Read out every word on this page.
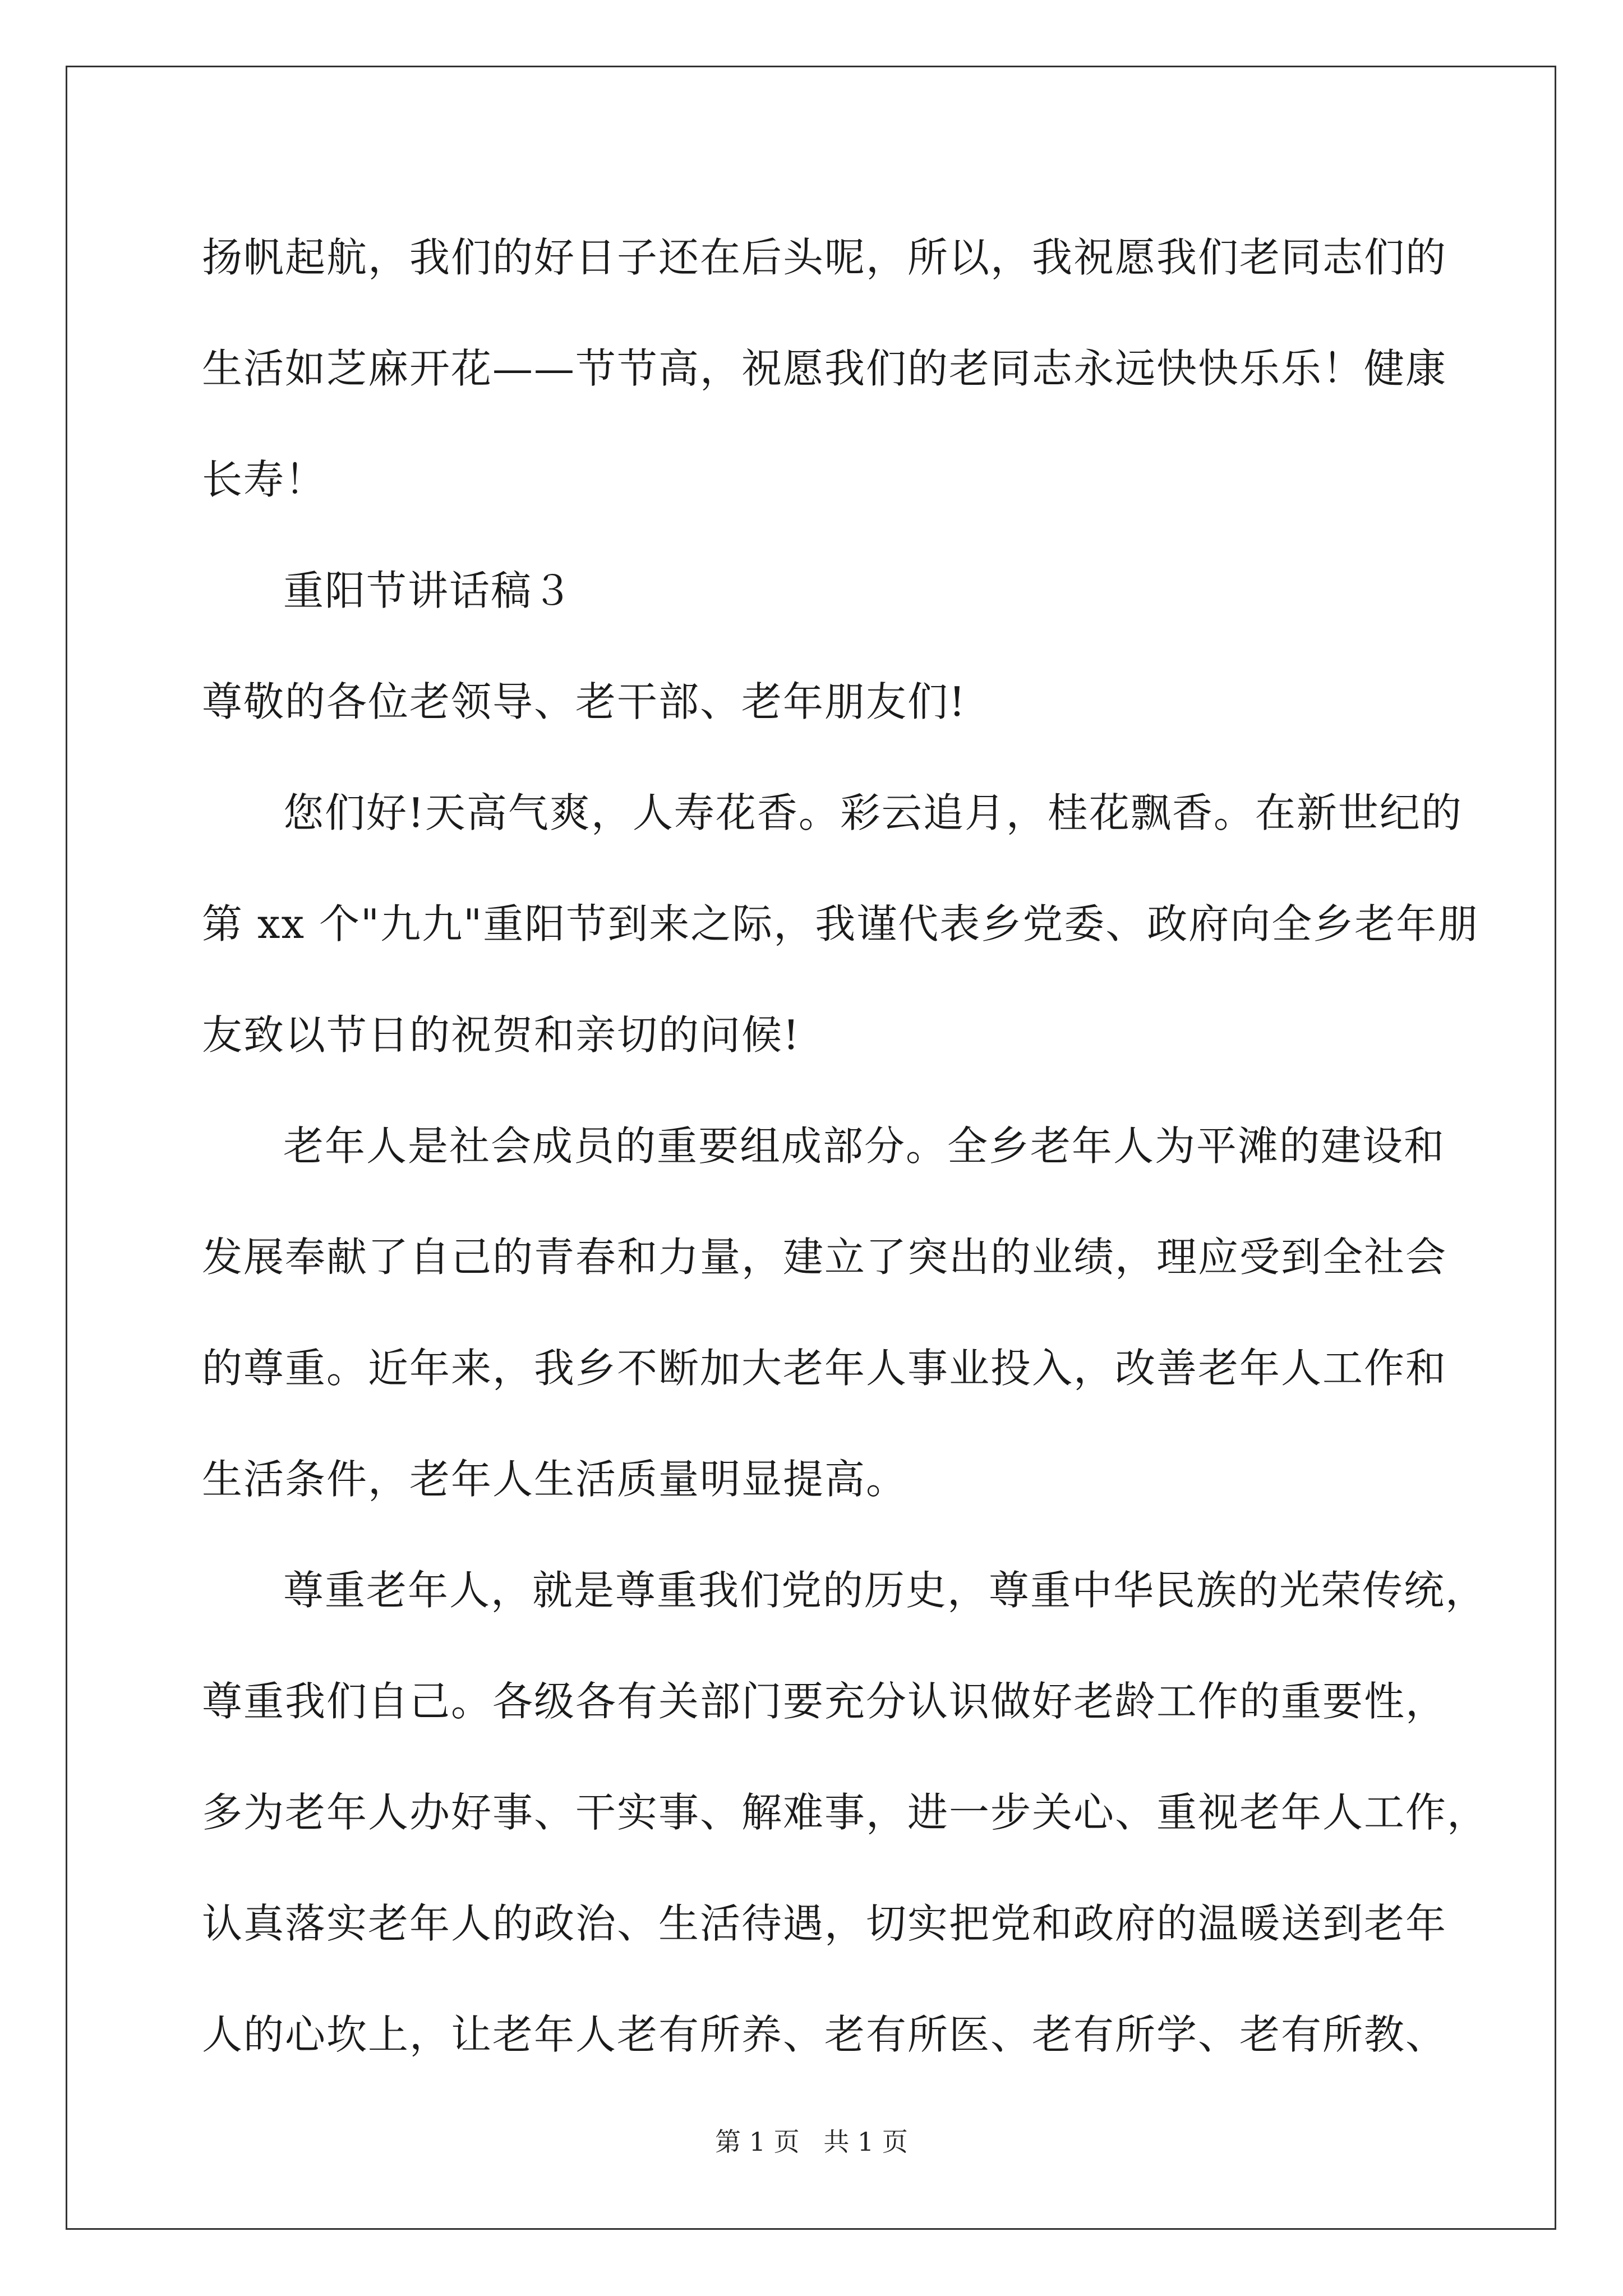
扬帆起航，我们的好日子还在后头呢，所以，我祝愿我们老同志们的
生活如芝麻开花——节节高，祝愿我们的老同志永远快快乐乐！健康
长寿！
重阳节讲话稿３
尊敬的各位老领导、老干部、老年朋友们!
您们好!天高气爽，人寿花香。彩云追月，桂花飘香。在新世纪的
第 xx 个"九九"重阳节到来之际，我谨代表乡党委、政府向全乡老年朋
友致以节日的祝贺和亲切的问候!
老年人是社会成员的重要组成部分。全乡老年人为平滩的建设和
发展奉献了自己的青春和力量，建立了突出的业绩，理应受到全社会
的尊重。近年来，我乡不断加大老年人事业投入，改善老年人工作和
生活条件，老年人生活质量明显提高。
尊重老年人，就是尊重我们党的历史，尊重中华民族的光荣传统，
尊重我们自己。各级各有关部门要充分认识做好老龄工作的重要性，
多为老年人办好事、干实事、解难事，进一步关心、重视老年人工作，
认真落实老年人的政治、生活待遇，切实把党和政府的温暖送到老年
人的心坎上，让老年人老有所养、老有所医、老有所学、老有所教、
第 1 页 共 1 页
